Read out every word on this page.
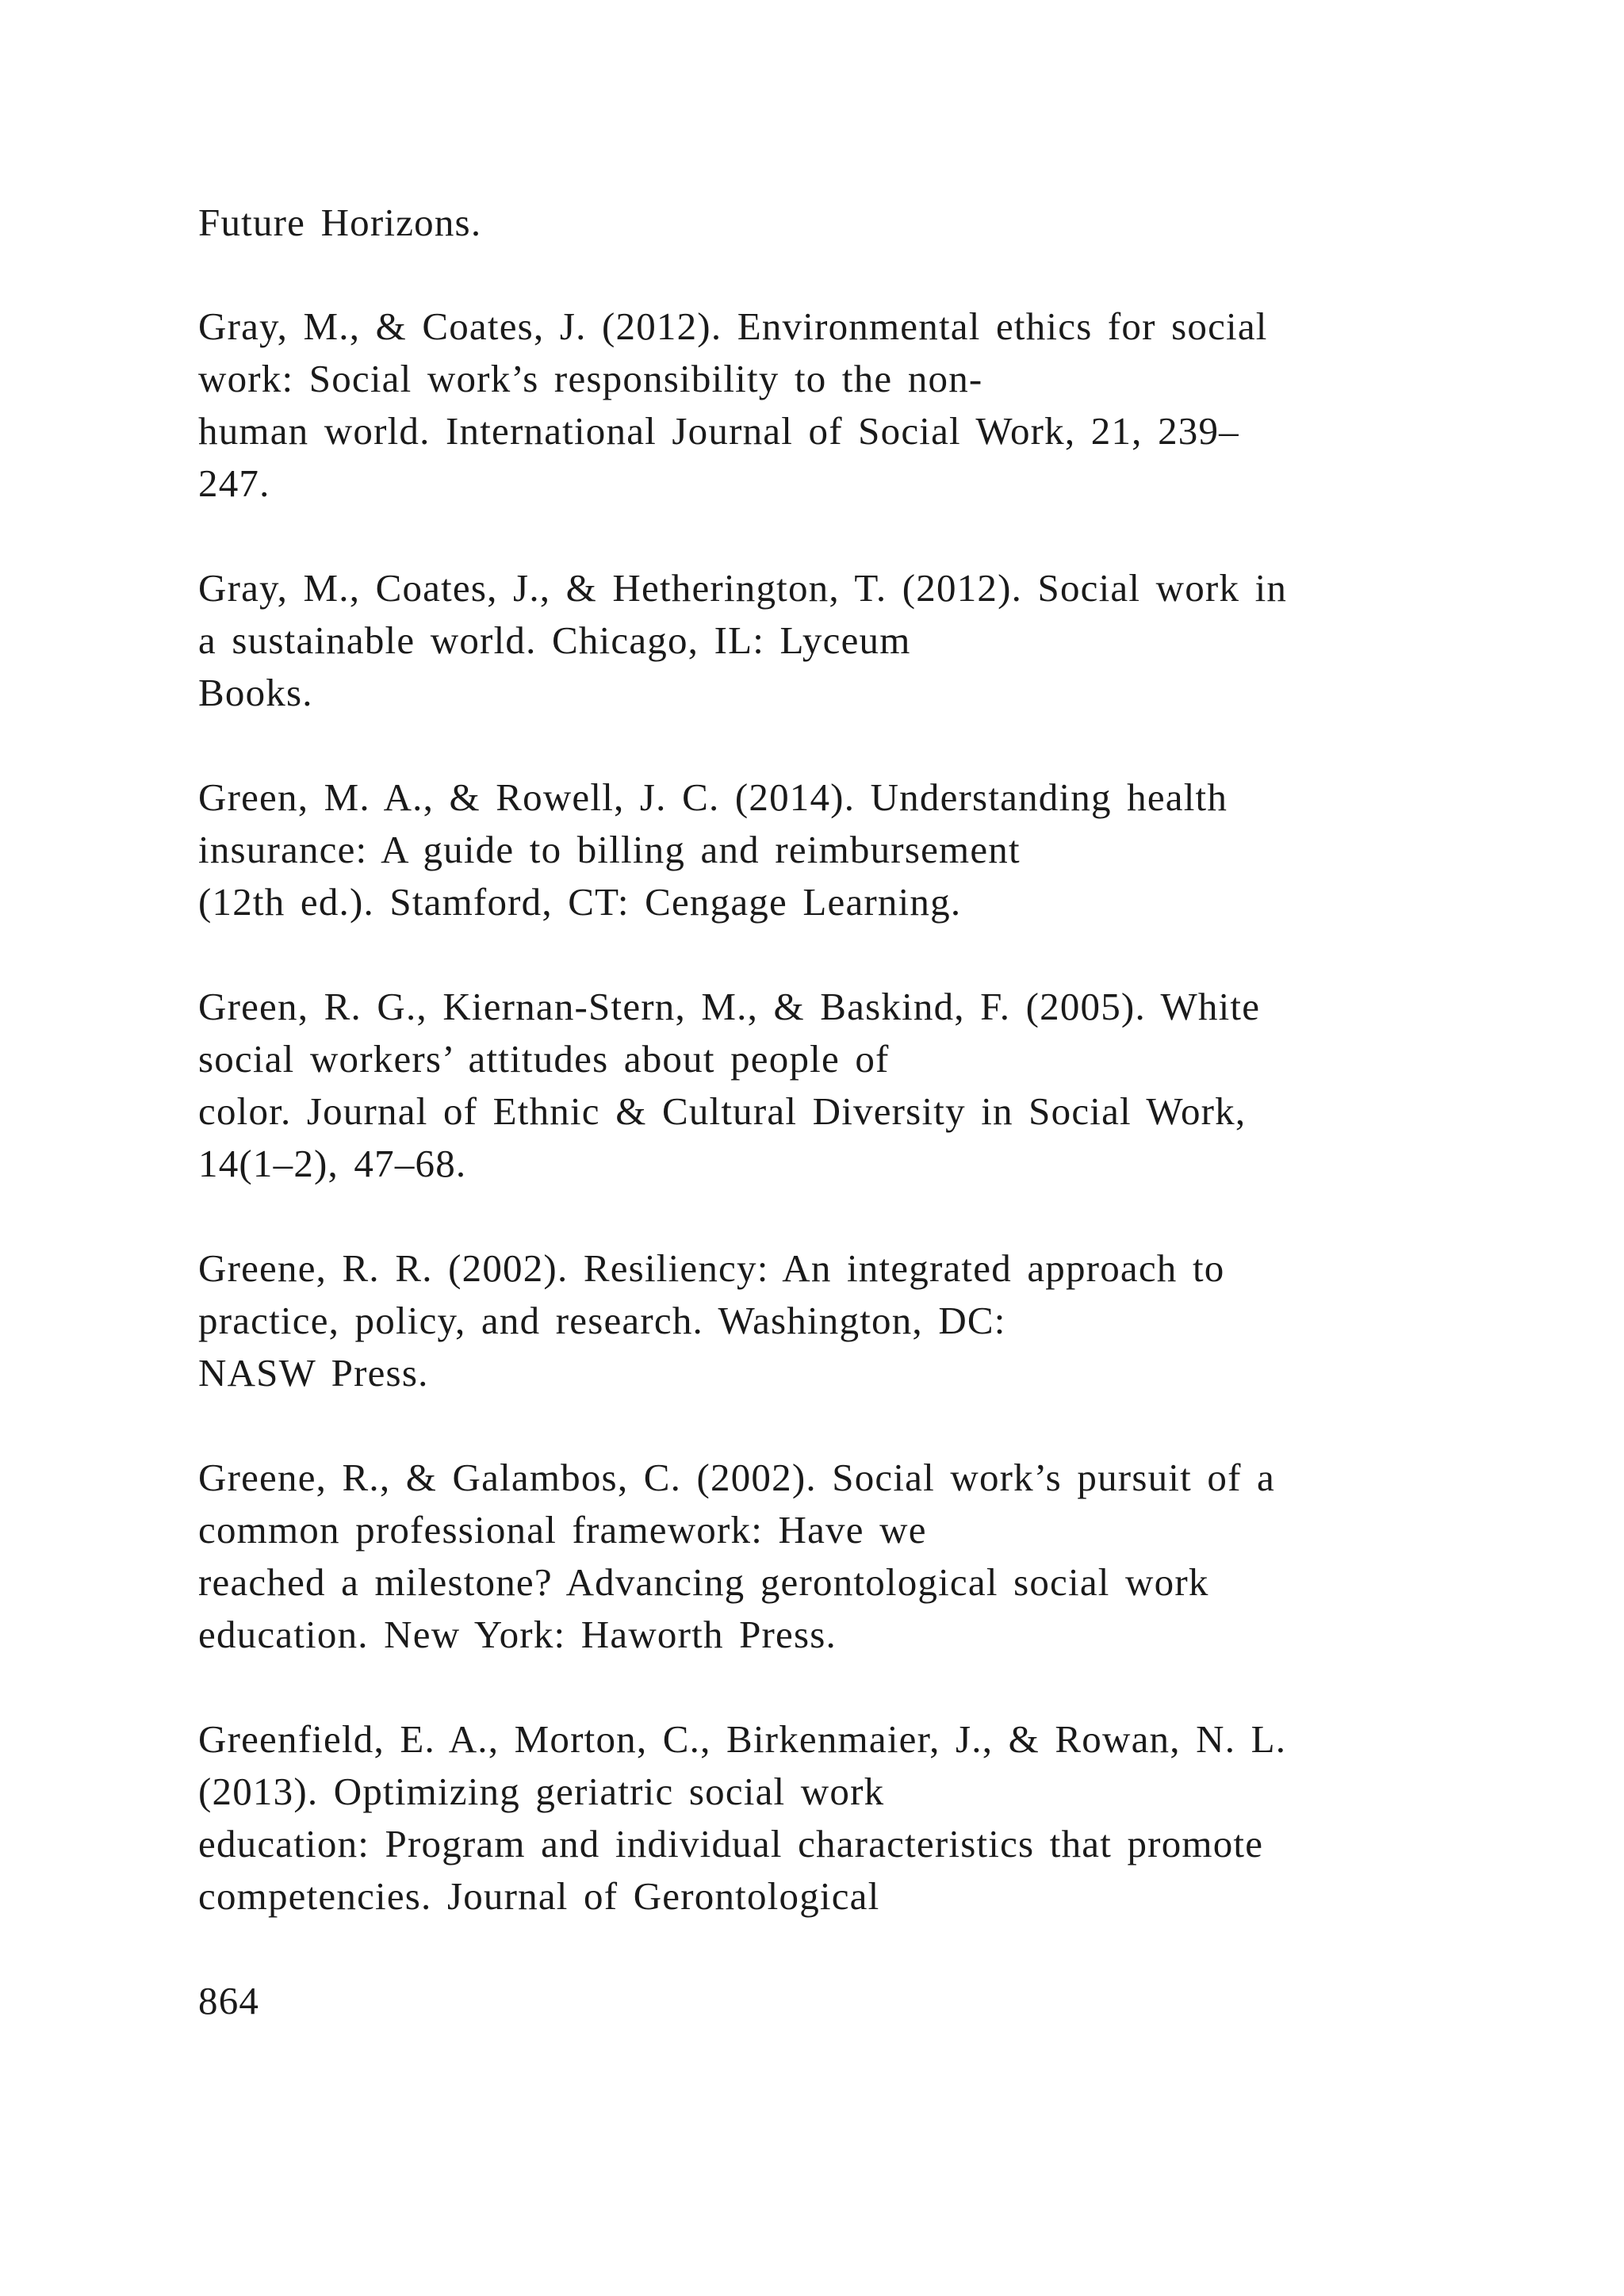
Future Horizons.
Gray, M., & Coates, J. (2012). Environmental ethics for social
work: Social work’s responsibility to the non-
human world. International Journal of Social Work, 21, 239–
247.
Gray, M., Coates, J., & Hetherington, T. (2012). Social work in
a sustainable world. Chicago, IL: Lyceum
Books.
Green, M. A., & Rowell, J. C. (2014). Understanding health
insurance: A guide to billing and reimbursement
(12th ed.). Stamford, CT: Cengage Learning.
Green, R. G., Kiernan-Stern, M., & Baskind, F. (2005). White
social workers’ attitudes about people of
color. Journal of Ethnic & Cultural Diversity in Social Work,
14(1–2), 47–68.
Greene, R. R. (2002). Resiliency: An integrated approach to
practice, policy, and research. Washington, DC:
NASW Press.
Greene, R., & Galambos, C. (2002). Social work’s pursuit of a
common professional framework: Have we
reached a milestone? Advancing gerontological social work
education. New York: Haworth Press.
Greenfield, E. A., Morton, C., Birkenmaier, J., & Rowan, N. L.
(2013). Optimizing geriatric social work
education: Program and individual characteristics that promote
competencies. Journal of Gerontological
864
